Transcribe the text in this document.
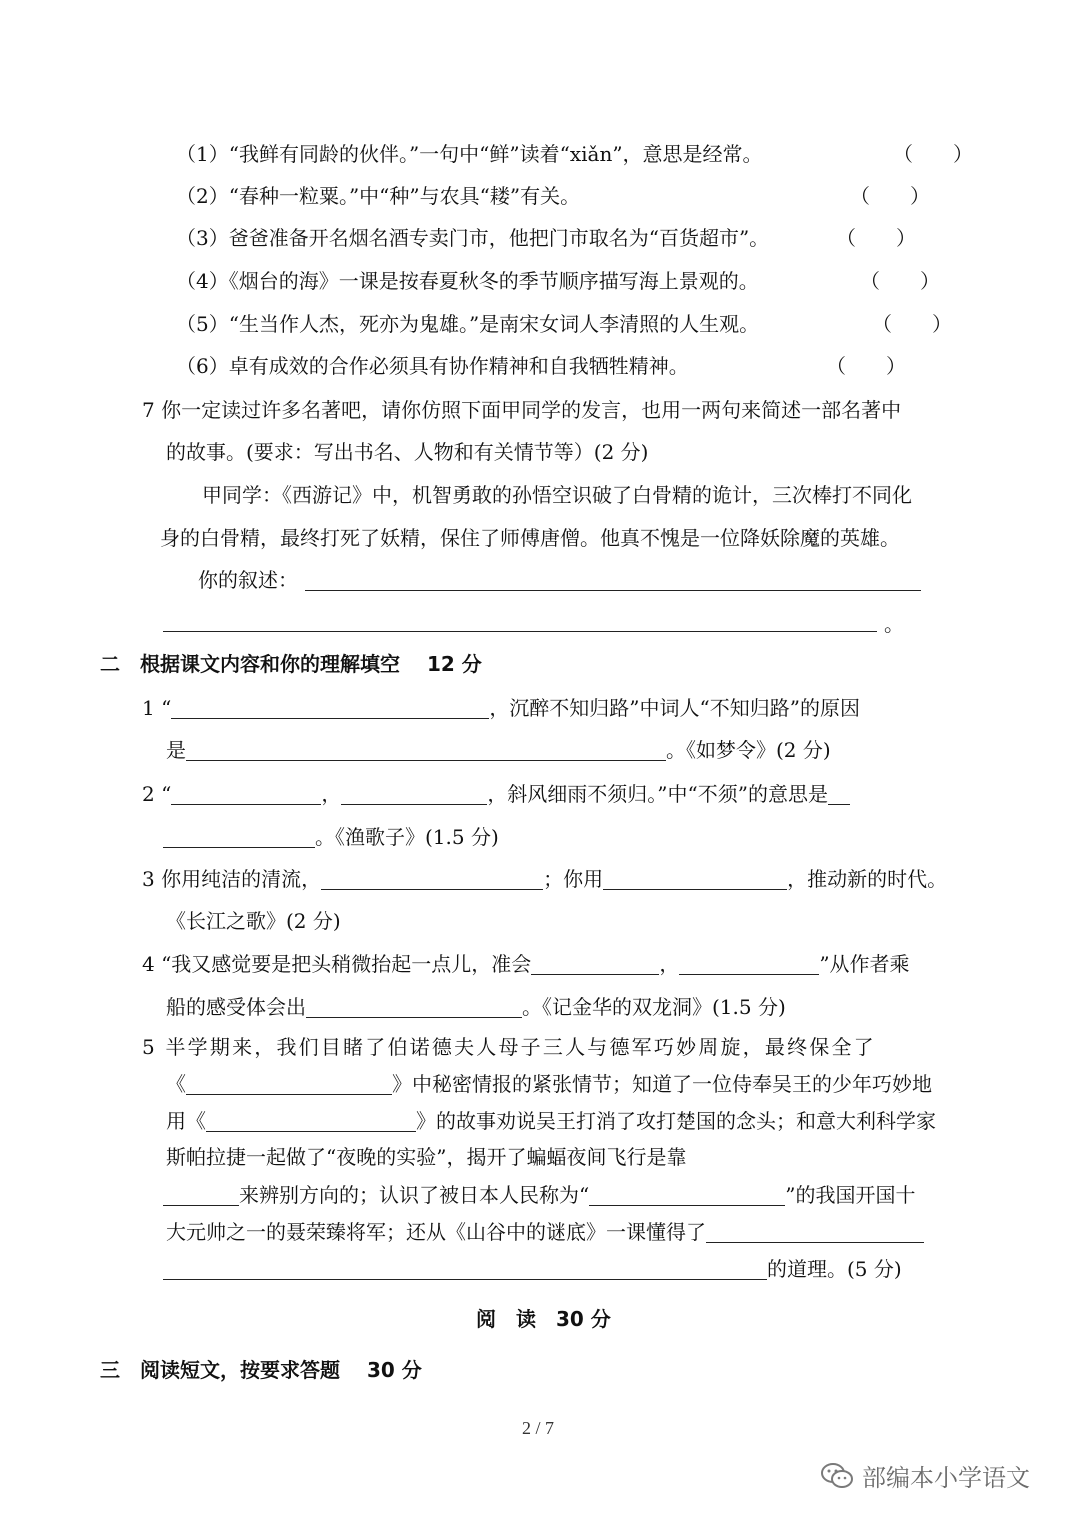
（1）“我鲜有同龄的伙伴。”一句中“鲜”读着“xiǎn”，意思是经常。	（　　）
（2）“春种一粒粟。”中“种”与农具“耧”有关。	（　　）
（3）爸爸准备开名烟名酒专卖门市，他把门市取名为“百货超市”。	（　　）
（4）《烟台的海》一课是按春夏秋冬的季节顺序描写海上景观的。	（　　）
（5）“生当作人杰，死亦为鬼雄。”是南宋女词人李清照的人生观。	（　　）
（6）卓有成效的合作必须具有协作精神和自我牺牲精神。	（　　）
7 你一定读过许多名著吧，请你仿照下面甲同学的发言，也用一两句来简述一部名著中
的故事。(要求：写出书名、人物和有关情节等）(2 分)
甲同学：《西游记》中，机智勇敢的孙悟空识破了白骨精的诡计，三次棒打不同化
身的白骨精，最终打死了妖精，保住了师傅唐僧。他真不愧是一位降妖除魔的英雄。
你的叙述：
。
二　根据课文内容和你的理解填空　 12 分
1 “	，沉醉不知归路”中词人“不知归路”的原因
是	。《如梦令》(2 分)
2 “	，	，斜风细雨不须归。”中“不须”的意思是
。《渔歌子》(1.5 分)
3 你用纯洁的清流，	；你用	，推动新的时代。
《长江之歌》(2 分)
4 “我又感觉要是把头稍微抬起一点儿，准会	，	”从作者乘
船的感受体会出	。《记金华的双龙洞》(1.5 分)
5 半学期来，我们目睹了伯诺德夫人母子三人与德军巧妙周旋，最终保全了
《	》中秘密情报的紧张情节；知道了一位侍奉吴王的少年巧妙地
用《	》的故事劝说吴王打消了攻打楚国的念头；和意大利科学家
斯帕拉捷一起做了“夜晚的实验”，揭开了蝙蝠夜间飞行是靠
来辨别方向的；认识了被日本人民称为“	”的我国开国十
大元帅之一的聂荣臻将军；还从《山谷中的谜底》一课懂得了
的道理。(5 分)
阅　读　30 分
三　阅读短文，按要求答题　 30 分
2 / 7
部编本小学语文
